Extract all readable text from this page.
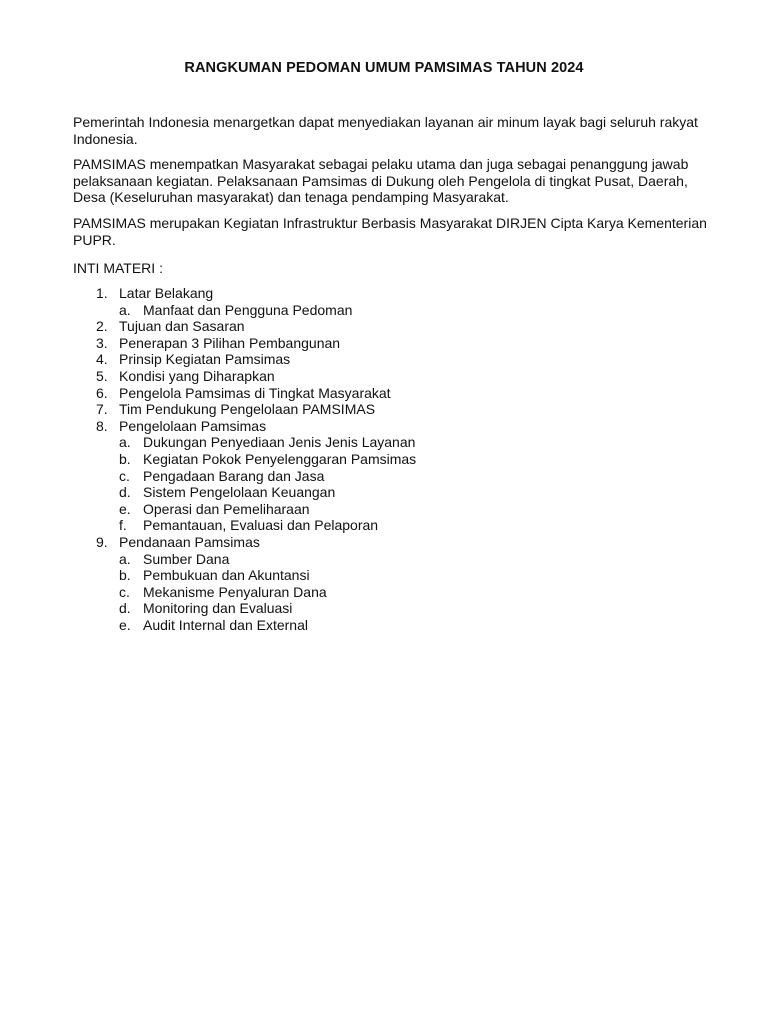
RANGKUMAN PEDOMAN UMUM PAMSIMAS TAHUN 2024
Pemerintah Indonesia menargetkan dapat menyediakan layanan air minum layak bagi seluruh rakyat Indonesia.
PAMSIMAS menempatkan Masyarakat sebagai pelaku utama dan juga sebagai penanggung jawab pelaksanaan kegiatan. Pelaksanaan Pamsimas di Dukung oleh Pengelola di tingkat Pusat, Daerah, Desa (Keseluruhan masyarakat) dan tenaga pendamping Masyarakat.
PAMSIMAS merupakan Kegiatan Infrastruktur Berbasis Masyarakat DIRJEN Cipta Karya Kementerian PUPR.
INTI MATERI :
1. Latar Belakang
a. Manfaat dan Pengguna Pedoman
2. Tujuan dan Sasaran
3. Penerapan 3 Pilihan Pembangunan
4. Prinsip Kegiatan Pamsimas
5. Kondisi yang Diharapkan
6. Pengelola Pamsimas di Tingkat Masyarakat
7. Tim Pendukung Pengelolaan PAMSIMAS
8. Pengelolaan Pamsimas
a. Dukungan Penyediaan Jenis Jenis Layanan
b. Kegiatan Pokok Penyelenggaran Pamsimas
c. Pengadaan Barang dan Jasa
d. Sistem Pengelolaan Keuangan
e. Operasi dan Pemeliharaan
f. Pemantauan, Evaluasi dan Pelaporan
9. Pendanaan Pamsimas
a. Sumber Dana
b. Pembukuan dan Akuntansi
c. Mekanisme Penyaluran Dana
d. Monitoring dan Evaluasi
e. Audit Internal dan External
